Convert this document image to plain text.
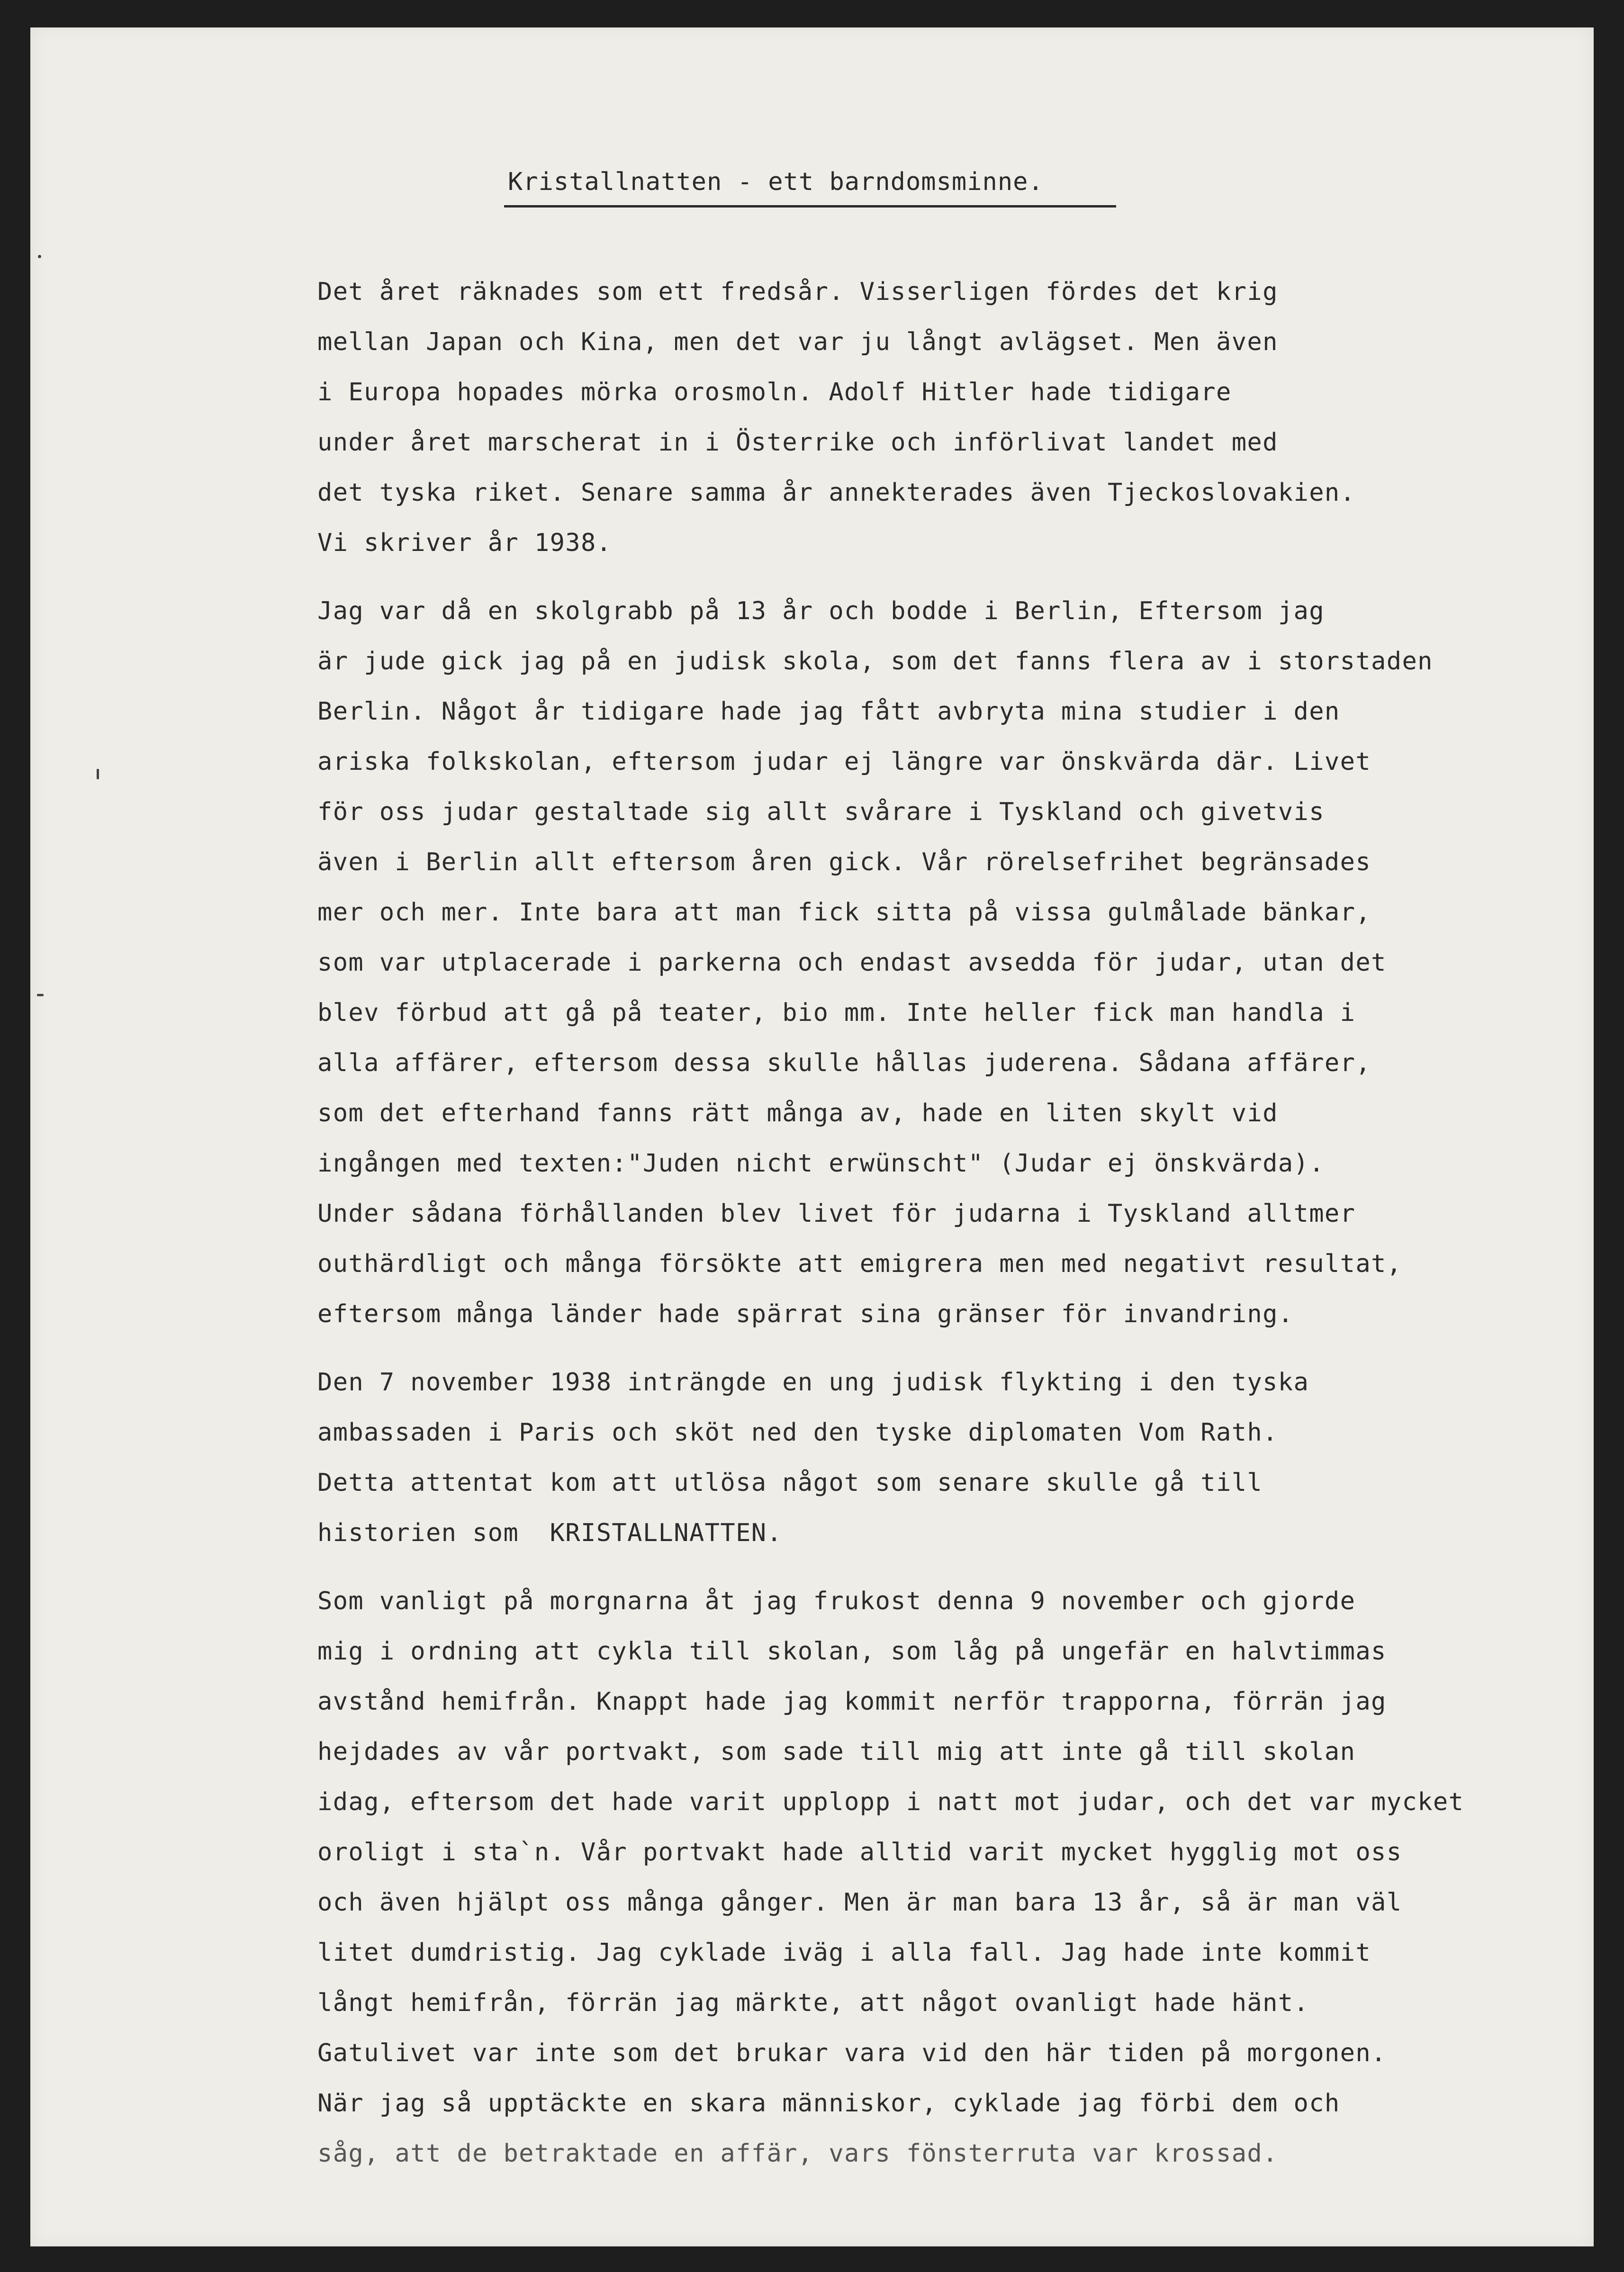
Kristallnatten - ett barndomsminne.

Det året räknades som ett fredsår. Visserligen fördes det krig

mellan Japan och Kina, men det var ju långt avlägset. Men även

i Europa hopades mörka orosmoln. Adolf Hitler hade tidigare

under året marscherat in i Österrike och införlivat landet med

det tyska riket. Senare samma år annekterades även Tjeckoslovakien.

Vi skriver år 1938.

Jag var då en skolgrabb på 13 år och bodde i Berlin, Eftersom jag

är jude gick jag på en judisk skola, som det fanns flera av i storstaden

Berlin. Något år tidigare hade jag fått avbryta mina studier i den

ariska folkskolan, eftersom judar ej längre var önskvärda där. Livet

för oss judar gestaltade sig allt svårare i Tyskland och givetvis

även i Berlin allt eftersom åren gick. Vår rörelsefrihet begränsades

mer och mer. Inte bara att man fick sitta på vissa gulmålade bänkar,

som var utplacerade i parkerna och endast avsedda för judar, utan det

blev förbud att gå på teater, bio mm. Inte heller fick man handla i

alla affärer, eftersom dessa skulle hållas juderena. Sådana affärer,

som det efterhand fanns rätt många av, hade en liten skylt vid

ingången med texten:"Juden nicht erwünscht" (Judar ej önskvärda).

Under sådana förhållanden blev livet för judarna i Tyskland alltmer

outhärdligt och många försökte att emigrera men med negativt resultat,

eftersom många länder hade spärrat sina gränser för invandring.

Den 7 november 1938 inträngde en ung judisk flykting i den tyska

ambassaden i Paris och sköt ned den tyske diplomaten Vom Rath.

Detta attentat kom att utlösa något som senare skulle gå till

historien som  KRISTALLNATTEN.

Som vanligt på morgnarna åt jag frukost denna 9 november och gjorde

mig i ordning att cykla till skolan, som låg på ungefär en halvtimmas

avstånd hemifrån. Knappt hade jag kommit nerför trapporna, förrän jag

hejdades av vår portvakt, som sade till mig att inte gå till skolan

idag, eftersom det hade varit upplopp i natt mot judar, och det var mycket

oroligt i sta`n. Vår portvakt hade alltid varit mycket hygglig mot oss

och även hjälpt oss många gånger. Men är man bara 13 år, så är man väl

litet dumdristig. Jag cyklade iväg i alla fall. Jag hade inte kommit

långt hemifrån, förrän jag märkte, att något ovanligt hade hänt.

Gatulivet var inte som det brukar vara vid den här tiden på morgonen.

När jag så upptäckte en skara människor, cyklade jag förbi dem och

såg, att de betraktade en affär, vars fönsterruta var krossad.
